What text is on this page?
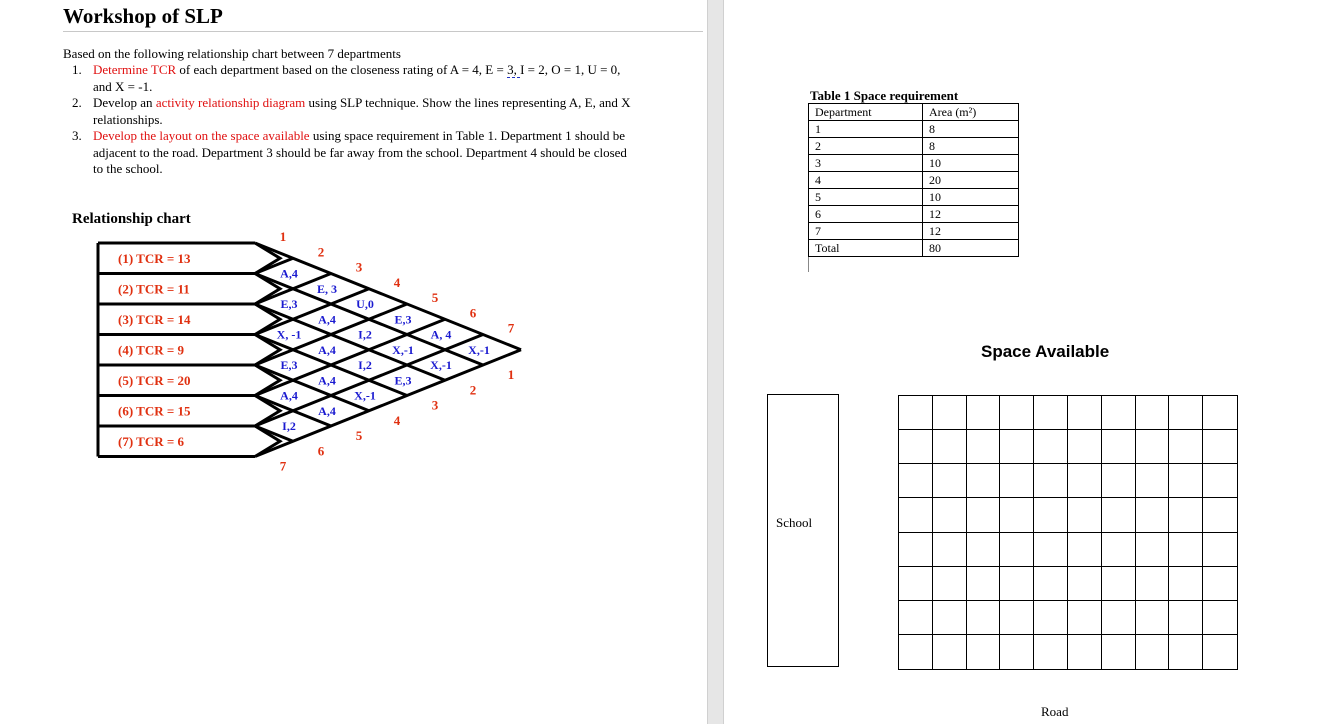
Workshop of SLP
Based on the following relationship chart between 7 departments
1. Determine TCR of each department based on the closeness rating of A = 4, E = 3, I = 2, O = 1, U = 0, and X = -1.
2. Develop an activity relationship diagram using SLP technique. Show the lines representing A, E, and X relationships.
3. Develop the layout on the space available using space requirement in Table 1. Department 1 should be adjacent to the road. Department 3 should be far away from the school. Department 4 should be closed to the school.
Relationship chart
(1) TCR = 13
(2) TCR = 11
(3) TCR = 14
(4) TCR = 9
(5) TCR = 20
(6) TCR = 15
(7) TCR = 6
A,4
E, 3
U,0
E,3
A, 4
X,-1
E,3
A,4
I,2
X,-1
X,-1
X, -1
A,4
I,2
E,3
E,3
A,4
X,-1
A,4
A,4
I,2
1
2
3
4
5
6
7
1
2
3
4
5
6
7
Table 1 Space requirement
Department	Area (m²)
1	8
2	8
3	10
4	20
5	10
6	12
7	12
Total	80
Space Available
School
Road
